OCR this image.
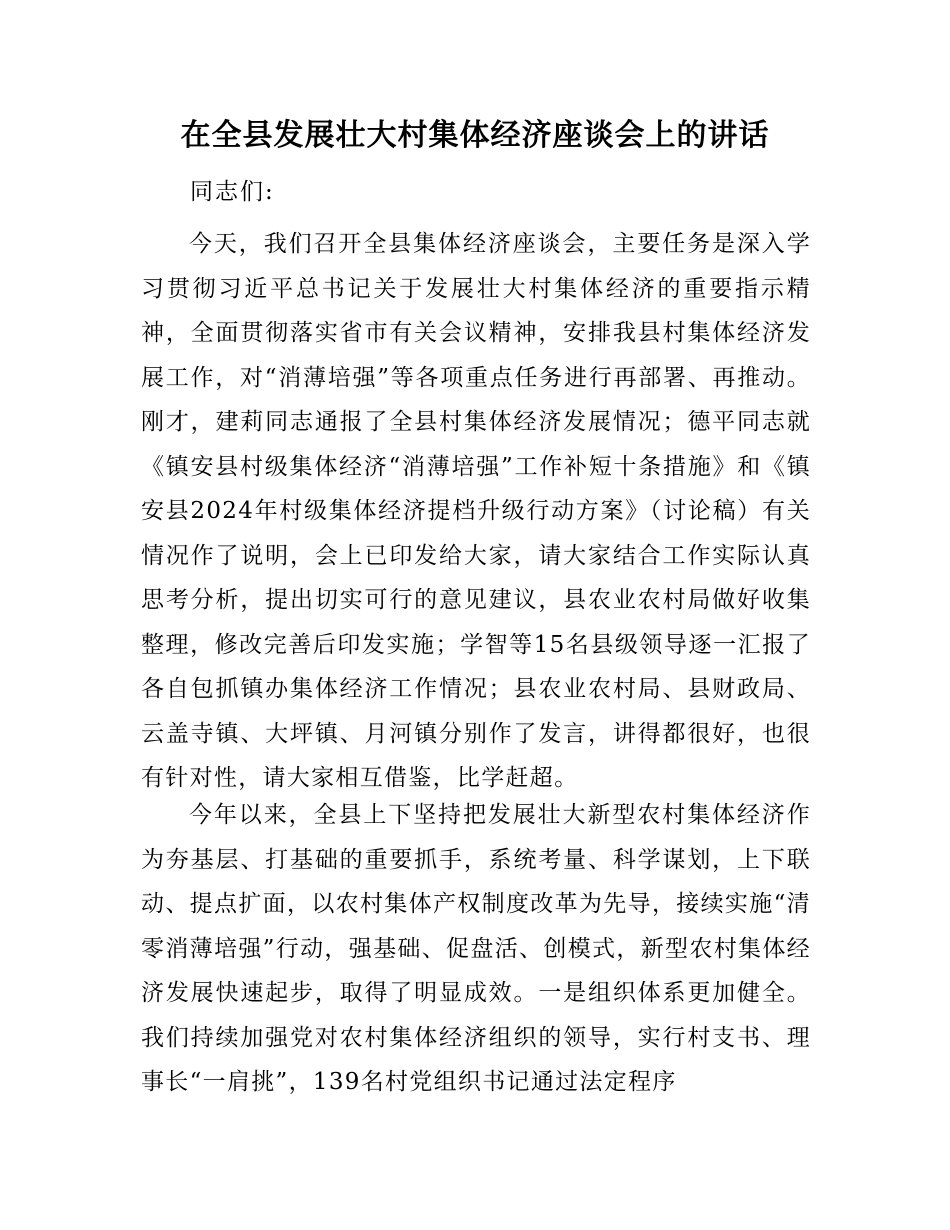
在全县发展壮大村集体经济座谈会上的讲话
同志们:

今天，我们召开全县集体经济座谈会，主要任务是深入学习贯彻习近平总书记关于发展壮大村集体经济的重要指示精神，全面贯彻落实省市有关会议精神，安排我县村集体经济发展工作，对“消薄培强”等各项重点任务进行再部署、再推动。刚才，建莉同志通报了全县村集体经济发展情况；德平同志就《镇安县村级集体经济“消薄培强”工作补短十条措施》和《镇安县2024年村级集体经济提档升级行动方案》（讨论稿）有关情况作了说明，会上已印发给大家，请大家结合工作实际认真思考分析，提出切实可行的意见建议，县农业农村局做好收集整理，修改完善后印发实施；学智等15名县级领导逐一汇报了各自包抓镇办集体经济工作情况；县农业农村局、县财政局、云盖寺镇、大坪镇、月河镇分别作了发言，讲得都很好，也很有针对性，请大家相互借鉴，比学赶超。

今年以来，全县上下坚持把发展壮大新型农村集体经济作为夯基层、打基础的重要抓手，系统考量、科学谋划，上下联动、提点扩面，以农村集体产权制度改革为先导，接续实施“清零消薄培强”行动，强基础、促盘活、创模式，新型农村集体经济发展快速起步，取得了明显成效。一是组织体系更加健全。我们持续加强党对农村集体经济组织的领导，实行村支书、理事长“一肩挑”，139名村党组织书记通过法定程序
